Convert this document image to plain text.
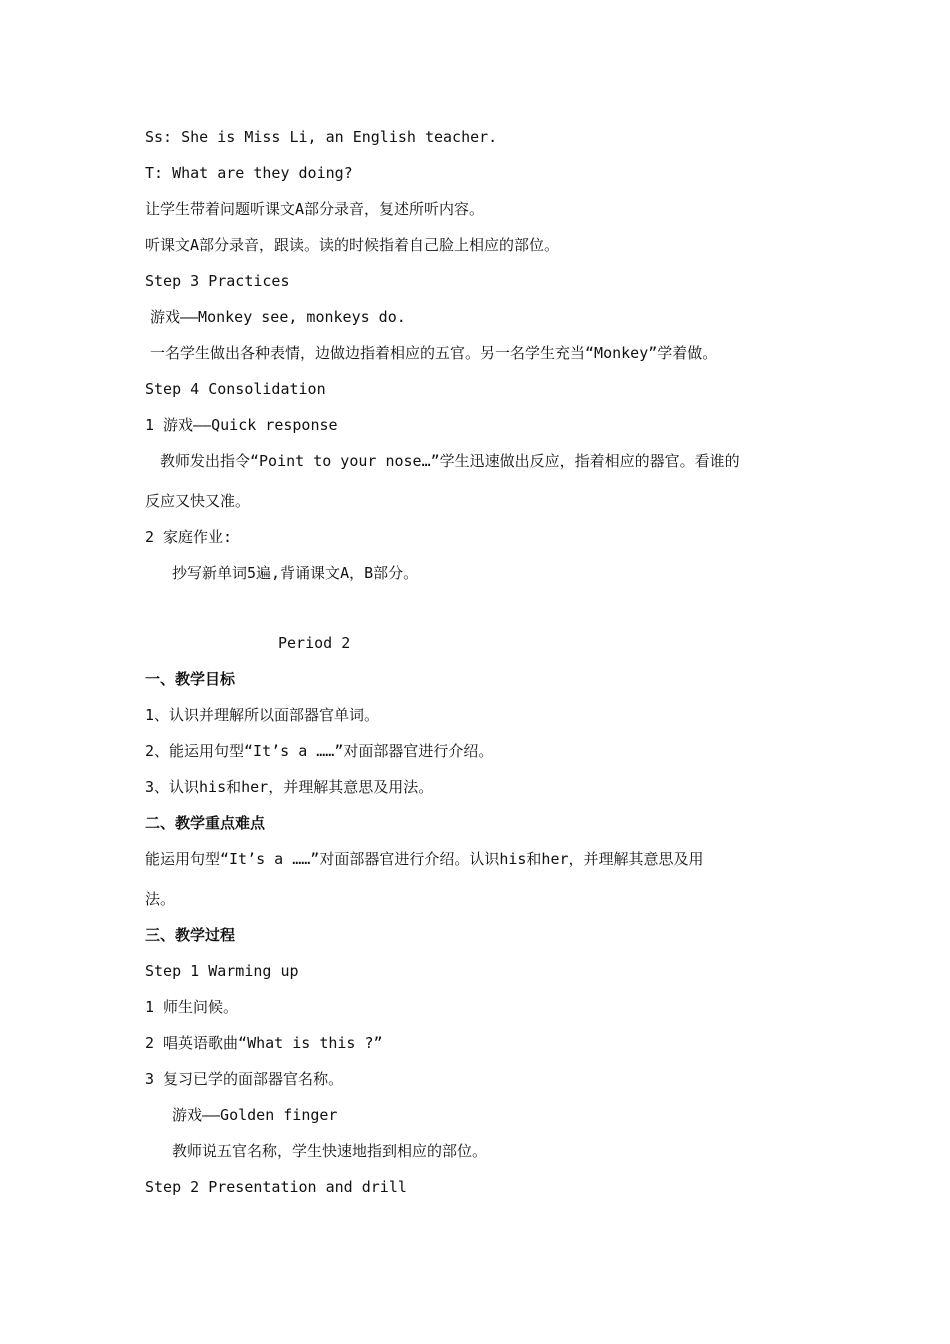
Ss: She is Miss Li, an English teacher.
T: What are they doing?
让学生带着问题听课文A部分录音，复述所听内容。
听课文A部分录音，跟读。读的时候指着自己脸上相应的部位。
Step 3 Practices
游戏——Monkey see, monkeys do.
一名学生做出各种表情，边做边指着相应的五官。另一名学生充当“Monkey”学着做。
Step 4 Consolidation
1 游戏——Quick response
教师发出指令“Point to your nose…”学生迅速做出反应，指着相应的器官。看谁的
反应又快又准。
2 家庭作业:
抄写新单词5遍,背诵课文A，B部分。
Period 2
一、教学目标
1、认识并理解所以面部器官单词。
2、能运用句型“It’s a ……”对面部器官进行介绍。
3、认识his和her，并理解其意思及用法。
二、教学重点难点
能运用句型“It’s a ……”对面部器官进行介绍。认识his和her，并理解其意思及用
法。
三、教学过程
Step 1 Warming up
1 师生问候。
2 唱英语歌曲“What is this ?”
3 复习已学的面部器官名称。
游戏——Golden finger
教师说五官名称，学生快速地指到相应的部位。
Step 2 Presentation and drill
